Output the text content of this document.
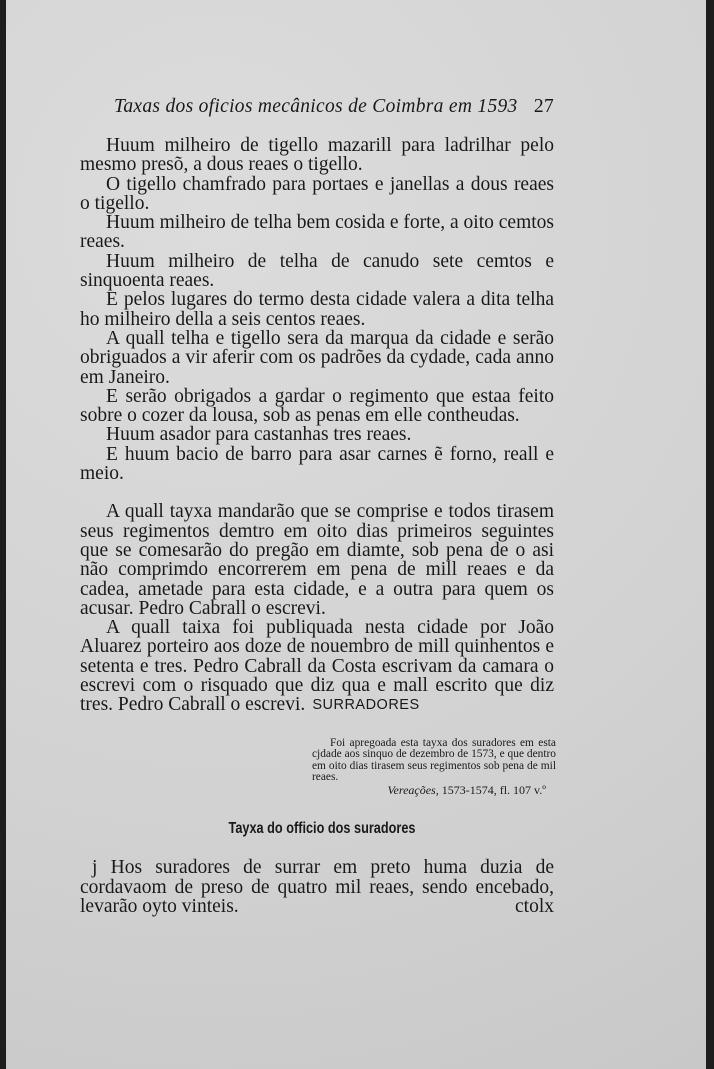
Taxas dos oficios mecânicos de Coimbra em 1593 27

Huum milheiro de tigello mazarill para ladrilhar pelo mesmo presõ, a dous reaes o tigello.

O tigello chamfrado para portaes e janellas a dous reaes o tigello.

Huum milheiro de telha bem cosida e forte, a oito cemtos reaes.

Huum milheiro de telha de canudo sete cemtos e sinquoenta reaes.

E pelos lugares do termo desta cidade valera a dita telha ho milheiro della a seis centos reaes.

A quall telha e tigello sera da marqua da cidade e serão obriguados a vir aferir com os padrões da cydade, cada anno em Janeiro.

E serão obrigados a gardar o regimento que estaa feito sobre o cozer da lousa, sob as penas em elle contheudas.

Huum asador para castanhas tres reaes.

E huum bacio de barro para asar carnes ẽ forno, reall e meio.

A quall tayxa mandarão que se comprise e todos tirasem seus regimentos demtro em oito dias primeiros seguintes que se comesarão do pregão em diamte, sob pena de o asi não comprimdo encorrerem em pena de mill reaes e da cadea, ametade para esta cidade, e a outra para quem os acusar. Pedro Cabrall o escrevi.

A quall taixa foi publiquada nesta cidade por João Aluarez porteiro aos doze de nouembro de mill quinhentos e setenta e tres. Pedro Cabrall da Costa escrivam da camara o escrevi com o risquado que diz qua e mall escrito que diz tres. Pedro Cabrall o escrevi. SURRADORES
Foi apregoada esta tayxa dos suradores em esta cjdade aos sinquo de dezembro de 1573, e que dentro em oito dias tirasem seus regimentos sob pena de mil reaes.
Vereações, 1573-1574, fl. 107 v.º
Tayxa do officio dos suradores

j Hos suradores de surrar em preto huma duzia de cordavaom de preso de quatro mil reaes, sendo encebado, levarão oyto vinteis.	ctolx
